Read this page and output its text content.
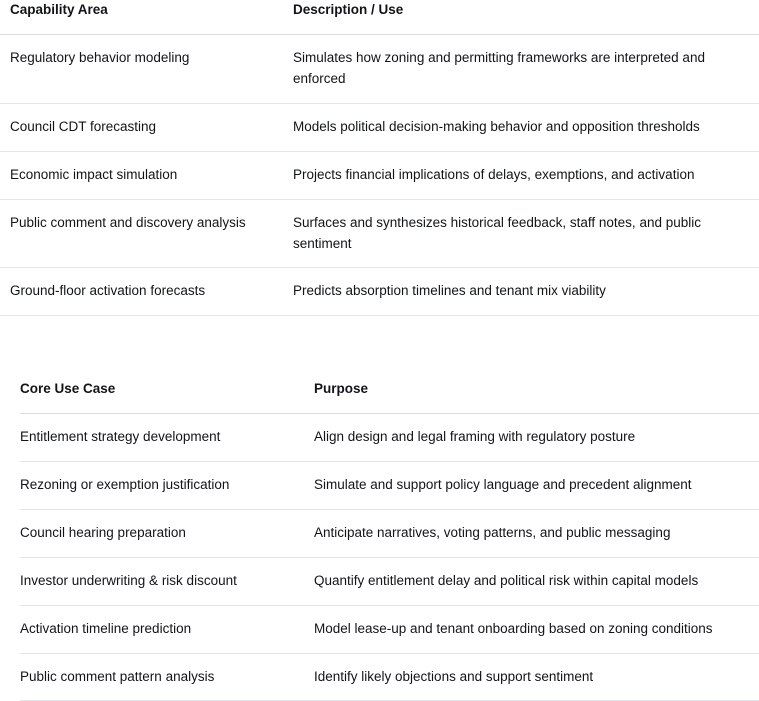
Capability Area	Description / Use
Regulatory behavior modeling	Simulates how zoning and permitting frameworks are interpreted and enforced
Council CDT forecasting	Models political decision-making behavior and opposition thresholds
Economic impact simulation	Projects financial implications of delays, exemptions, and activation
Public comment and discovery analysis	Surfaces and synthesizes historical feedback, staff notes, and public sentiment
Ground-floor activation forecasts	Predicts absorption timelines and tenant mix viability
Core Use Case	Purpose
Entitlement strategy development	Align design and legal framing with regulatory posture
Rezoning or exemption justification	Simulate and support policy language and precedent alignment
Council hearing preparation	Anticipate narratives, voting patterns, and public messaging
Investor underwriting & risk discount	Quantify entitlement delay and political risk within capital models
Activation timeline prediction	Model lease-up and tenant onboarding based on zoning conditions
Public comment pattern analysis	Identify likely objections and support sentiment
